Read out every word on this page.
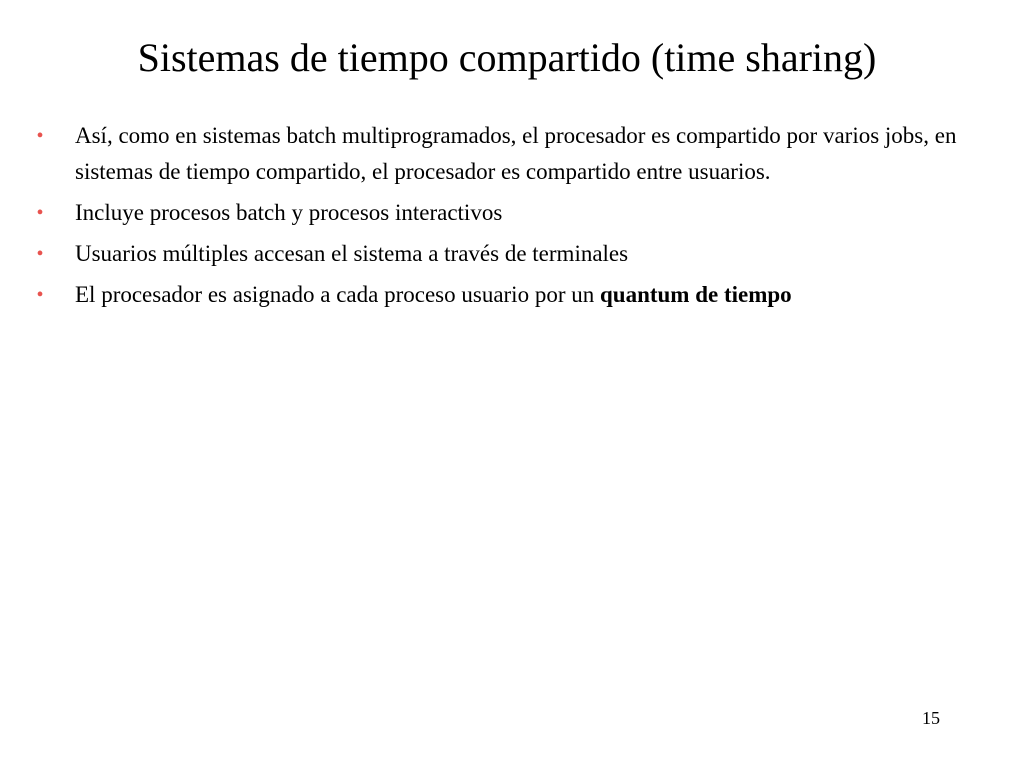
Sistemas de tiempo compartido (time sharing)
• Así, como en sistemas batch multiprogramados, el procesador es compartido por varios jobs, en sistemas de tiempo compartido, el procesador es compartido entre usuarios.
• Incluye procesos batch y procesos interactivos
• Usuarios múltiples accesan el sistema a través de terminales
• El procesador es asignado a cada proceso usuario por un quantum de tiempo
15
